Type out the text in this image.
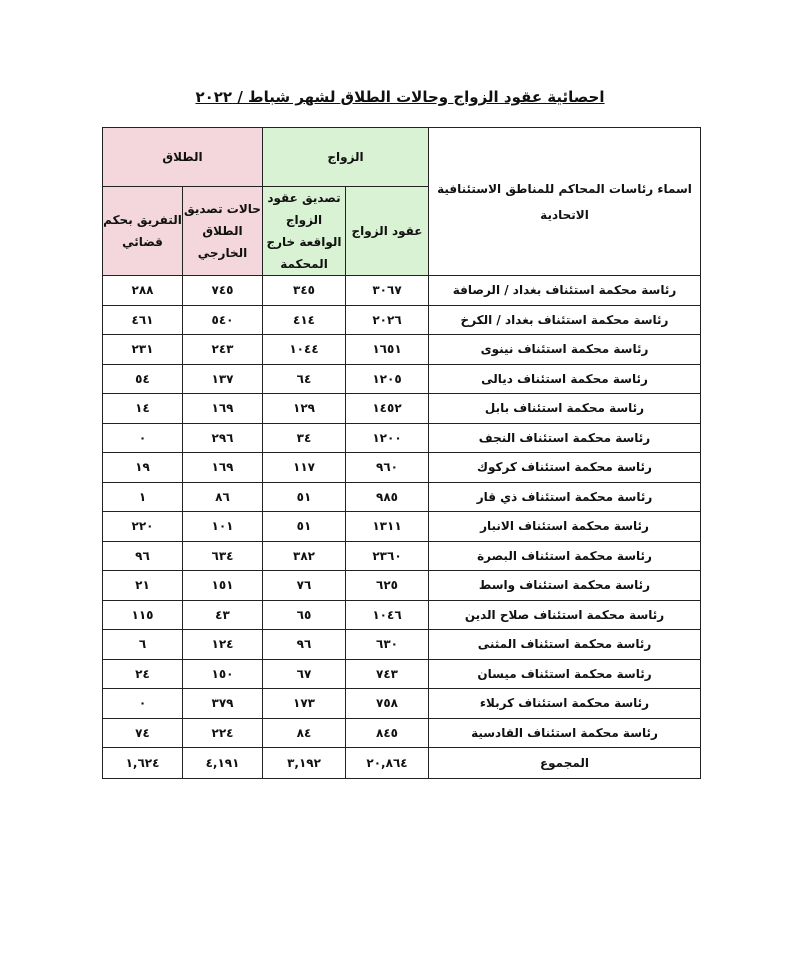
احصائية عقود الزواج وحالات الطلاق لشهر شباط / ٢٠٢٢
اسماء رئاسات المحاكم للمناطق الاستئنافية الاتحادية	الزواج		الطلاق	
	عقود الزواج	تصديق عقود الزواج الواقعة خارج المحكمة	حالات تصديق الطلاق الخارجي	التفريق بحكم قضائي
رئاسة محكمة استئناف بغداد / الرصافة	٣٠٦٧	٣٤٥	٧٤٥	٢٨٨
رئاسة محكمة استئناف بغداد / الكرخ	٢٠٢٦	٤١٤	٥٤٠	٤٦١
رئاسة محكمة استئناف نينوى	١٦٥١	١٠٤٤	٢٤٣	٢٣١
رئاسة محكمة استئناف ديالى	١٢٠٥	٦٤	١٣٧	٥٤
رئاسة محكمة استئناف بابل	١٤٥٢	١٢٩	١٦٩	١٤
رئاسة محكمة استئناف النجف	١٢٠٠	٣٤	٢٩٦	٠
رئاسة محكمة استئناف كركوك	٩٦٠	١١٧	١٦٩	١٩
رئاسة محكمة استئناف ذي قار	٩٨٥	٥١	٨٦	١
رئاسة محكمة استئناف الانبار	١٣١١	٥١	١٠١	٢٢٠
رئاسة محكمة استئناف البصرة	٢٣٦٠	٣٨٢	٦٣٤	٩٦
رئاسة محكمة استئناف واسط	٦٢٥	٧٦	١٥١	٢١
رئاسة محكمة استئناف صلاح الدين	١٠٤٦	٦٥	٤٣	١١٥
رئاسة محكمة استئناف المثنى	٦٣٠	٩٦	١٢٤	٦
رئاسة محكمة استئناف ميسان	٧٤٣	٦٧	١٥٠	٢٤
رئاسة محكمة استئناف كربلاء	٧٥٨	١٧٣	٣٧٩	٠
رئاسة محكمة استئناف القادسية	٨٤٥	٨٤	٢٢٤	٧٤
المجموع	٢٠,٨٦٤	٣,١٩٢	٤,١٩١	١,٦٢٤
